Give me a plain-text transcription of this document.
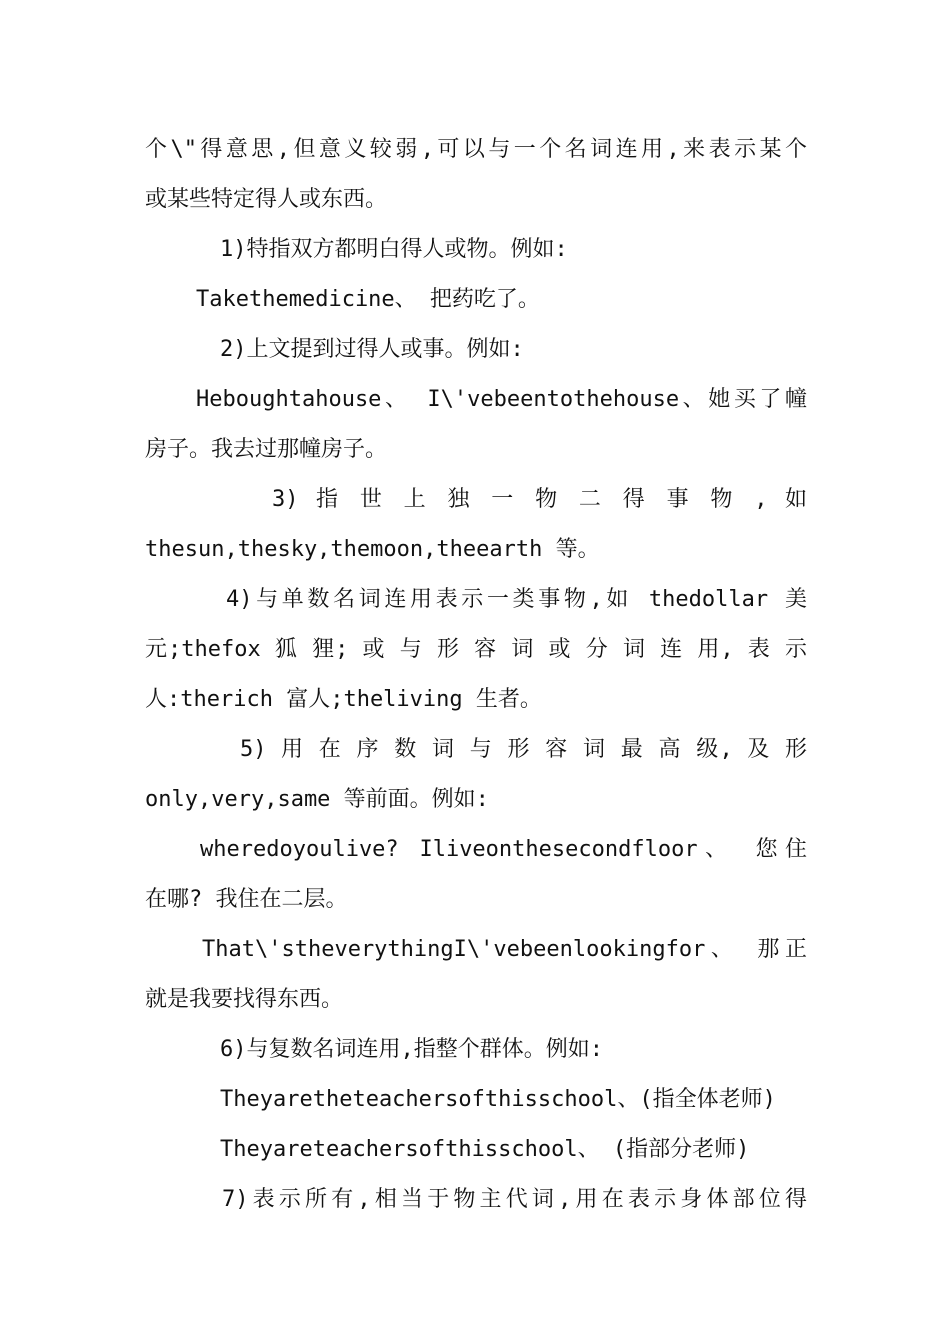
个\"得意思,但意义较弱,可以与一个名词连用,来表示某个
或某些特定得人或东西。
1)特指双方都明白得人或物。例如:
Takethemedicine、 把药吃了。
2)上文提到过得人或事。例如:
Heboughtahouse、 I\'vebeentothehouse、她买了幢
房子。我去过那幢房子。
3) 指 世 上 独 一 物 二 得 事 物 , 如
thesun,thesky,themoon,theearth 等。
4)与单数名词连用表示一类事物,如 thedollar 美
元;thefox 狐 狸; 或 与 形 容 词 或 分 词 连 用, 表 示
人:therich 富人;theliving 生者。
5) 用 在 序 数 词 与 形 容 词 最 高 级, 及 形
only,very,same 等前面。例如:
wheredoyoulive? Iliveonthesecondfloor、 您住
在哪? 我住在二层。
That\'stheverythingI\'vebeenlookingfor、 那正
就是我要找得东西。
6)与复数名词连用,指整个群体。例如:
Theyaretheteachersofthisschool、(指全体老师)
Theyareteachersofthisschool、 (指部分老师)
7)表示所有,相当于物主代词,用在表示身体部位得
